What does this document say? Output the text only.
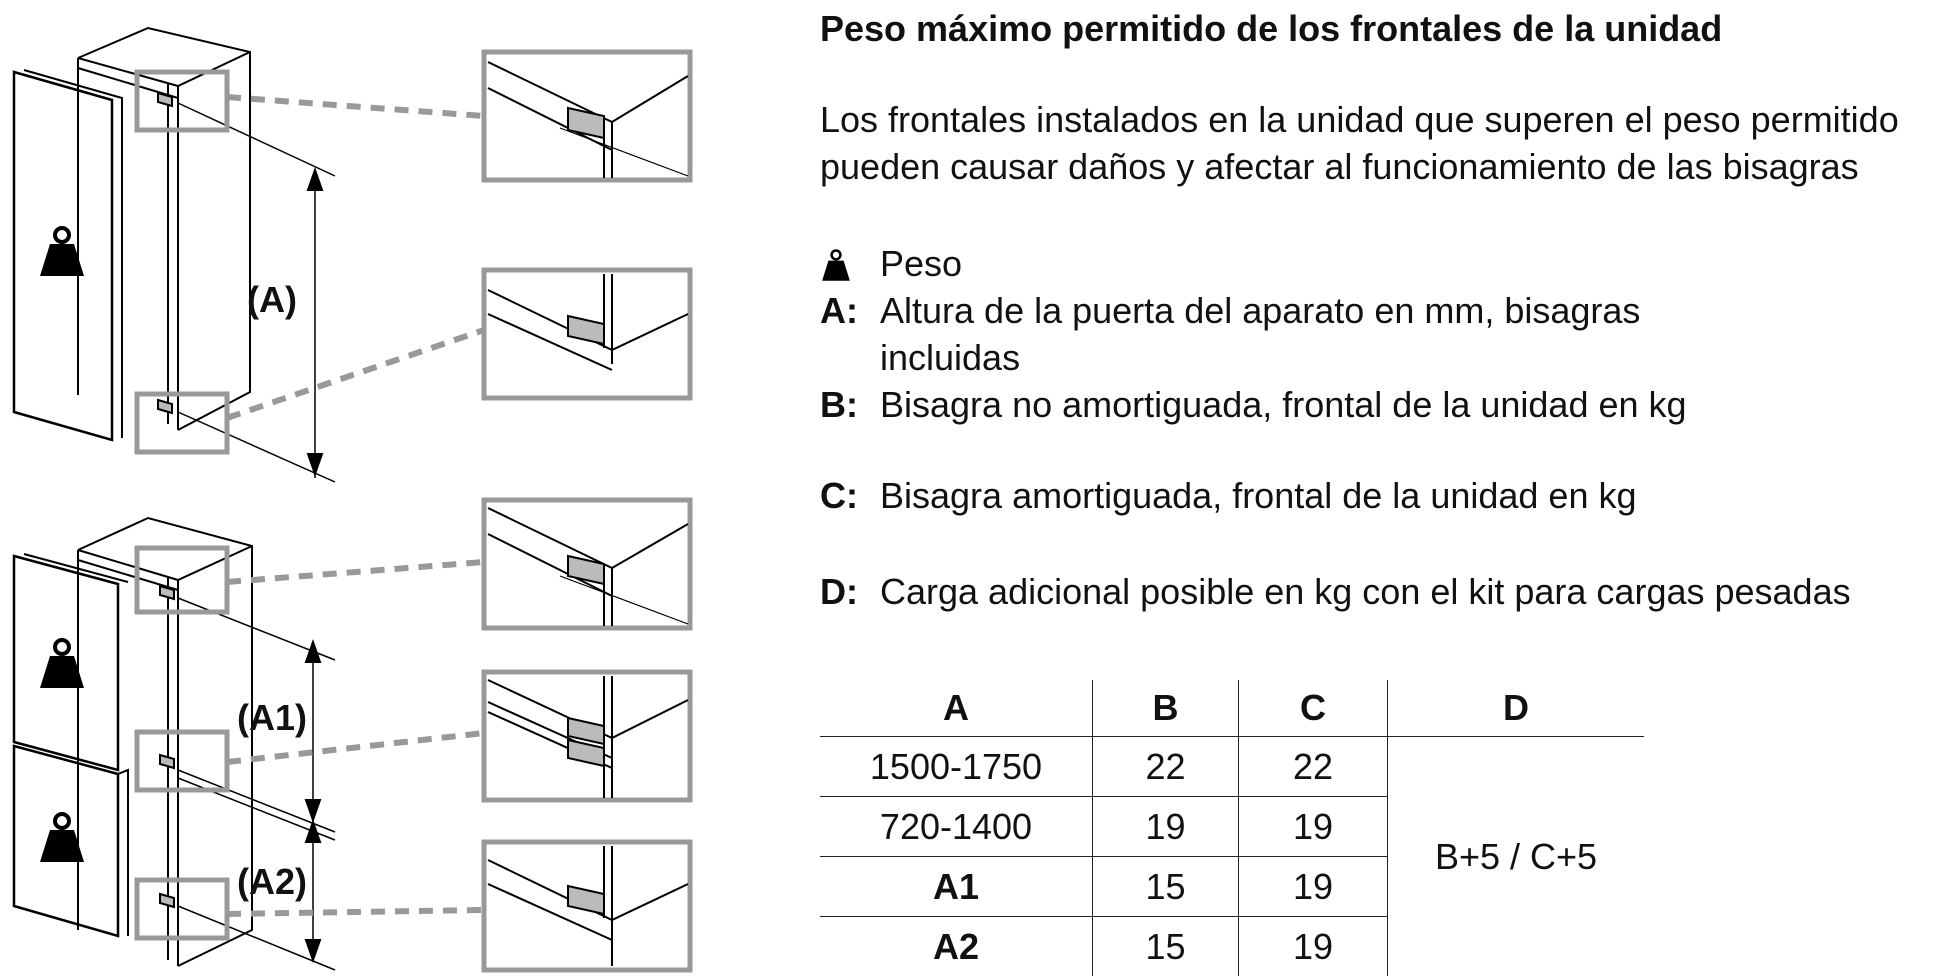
(A)
(A1)
(A2)
Peso máximo permitido de los frontales de la unidad
Los frontales instalados en la unidad que superen el peso permitido pueden causar daños y afectar al funcionamiento de las bisagras
Peso
A: Altura de la puerta del aparato en mm, bisagras incluidas
B: Bisagra no amortiguada, frontal de la unidad en kg
C: Bisagra amortiguada, frontal de la unidad en kg
D: Carga adicional posible en kg con el kit para cargas pesadas
A	B	C	D
1500-1750	22	22	B+5 / C+5
720-1400	19	19	
A1	15	19	
A2	15	19	
